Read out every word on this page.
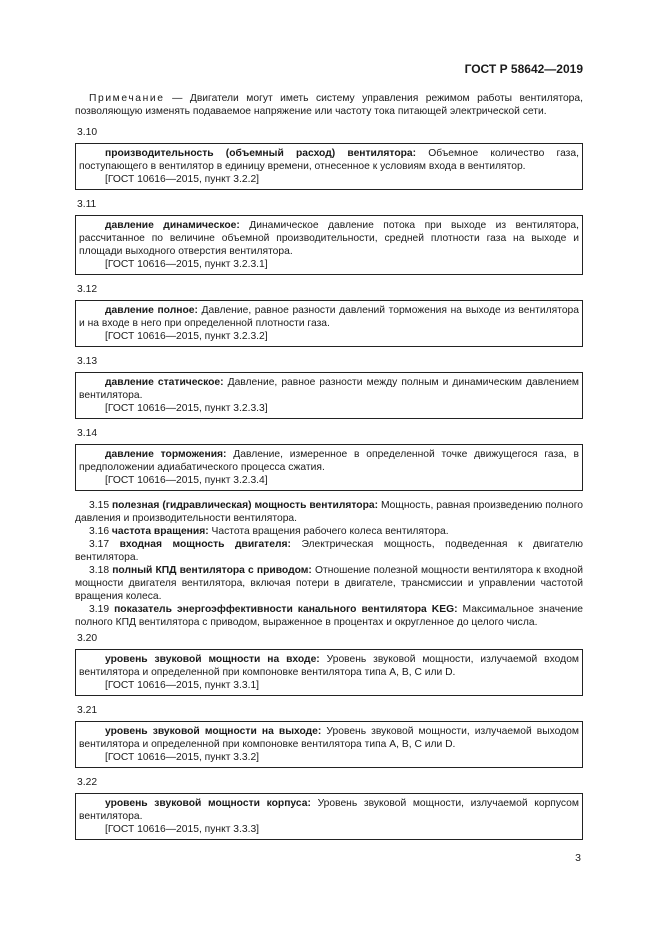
ГОСТ Р 58642—2019
Примечание — Двигатели могут иметь систему управления режимом работы вентилятора, позволяющую изменять подаваемое напряжение или частоту тока питающей электрической сети.
3.10
производительность (объемный расход) вентилятора: Объемное количество газа, поступающего в вентилятор в единицу времени, отнесенное к условиям входа в вентилятор.
[ГОСТ 10616—2015, пункт 3.2.2]
3.11
давление динамическое: Динамическое давление потока при выходе из вентилятора, рассчитанное по величине объемной производительности, средней плотности газа на выходе и площади выходного отверстия вентилятора.
[ГОСТ 10616—2015, пункт 3.2.3.1]
3.12
давление полное: Давление, равное разности давлений торможения на выходе из вентилятора и на входе в него при определенной плотности газа.
[ГОСТ 10616—2015, пункт 3.2.3.2]
3.13
давление статическое: Давление, равное разности между полным и динамическим давлением вентилятора.
[ГОСТ 10616—2015, пункт 3.2.3.3]
3.14
давление торможения: Давление, измеренное в определенной точке движущегося газа, в предположении адиабатического процесса сжатия.
[ГОСТ 10616—2015, пункт 3.2.3.4]
3.15 полезная (гидравлическая) мощность вентилятора: Мощность, равная произведению полного давления и производительности вентилятора.
3.16 частота вращения: Частота вращения рабочего колеса вентилятора.
3.17 входная мощность двигателя: Электрическая мощность, подведенная к двигателю вентилятора.
3.18 полный КПД вентилятора с приводом: Отношение полезной мощности вентилятора к входной мощности двигателя вентилятора, включая потери в двигателе, трансмиссии и управлении частотой вращения колеса.
3.19 показатель энергоэффективности канального вентилятора KEG: Максимальное значение полного КПД вентилятора с приводом, выраженное в процентах и округленное до целого числа.
3.20
уровень звуковой мощности на входе: Уровень звуковой мощности, излучаемой входом вентилятора и определенной при компоновке вентилятора типа A, B, C или D.
[ГОСТ 10616—2015, пункт 3.3.1]
3.21
уровень звуковой мощности на выходе: Уровень звуковой мощности, излучаемой выходом вентилятора и определенной при компоновке вентилятора типа A, B, C или D.
[ГОСТ 10616—2015, пункт 3.3.2]
3.22
уровень звуковой мощности корпуса: Уровень звуковой мощности, излучаемой корпусом вентилятора.
[ГОСТ 10616—2015, пункт 3.3.3]
3
